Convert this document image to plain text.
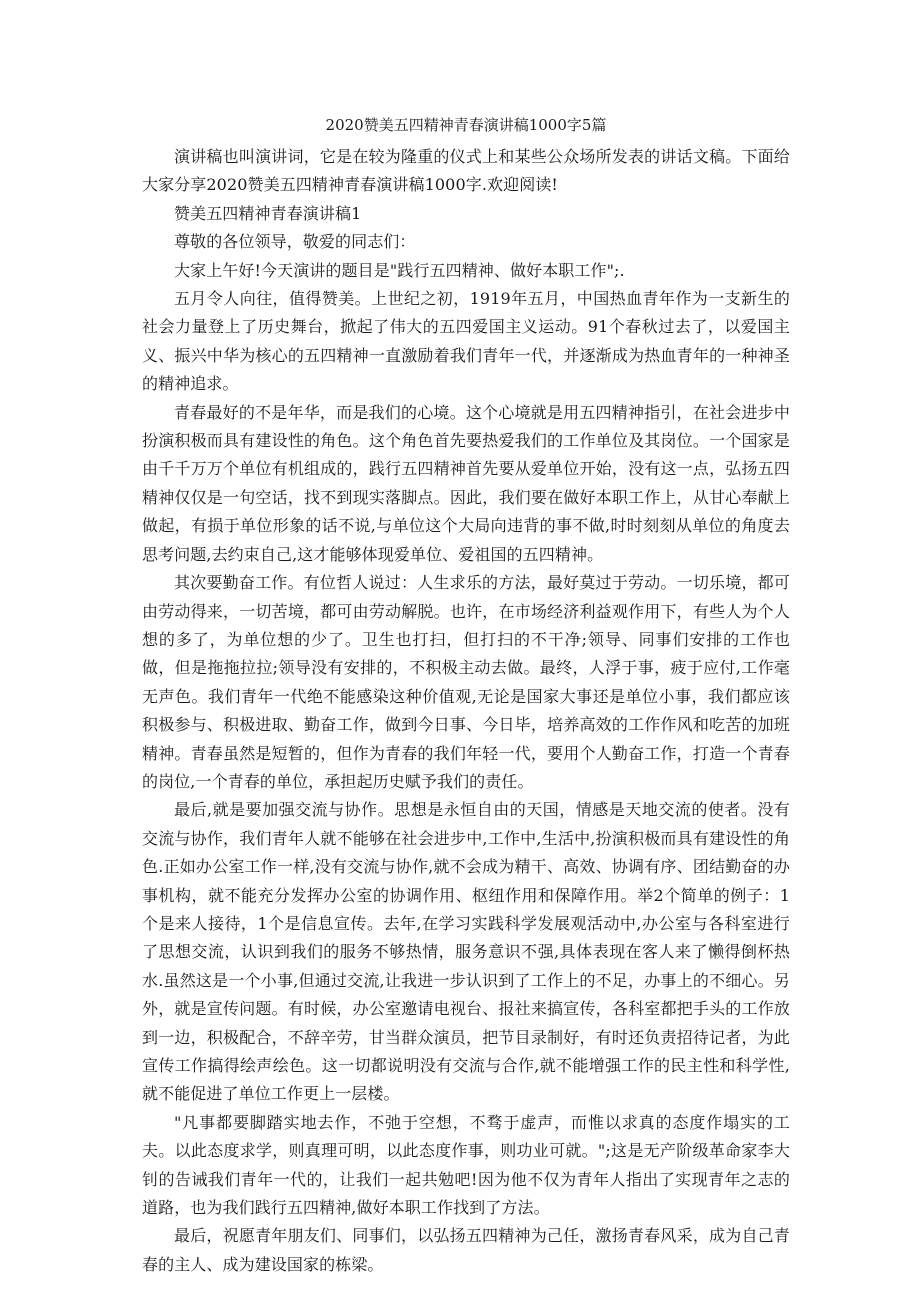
2020赞美五四精神青春演讲稿1000字5篇

演讲稿也叫演讲词，它是在较为隆重的仪式上和某些公众场所发表的讲话文稿。下面给大家分享2020赞美五四精神青春演讲稿1000字.欢迎阅读!

赞美五四精神青春演讲稿1

尊敬的各位领导，敬爱的同志们：

大家上午好!今天演讲的题目是"践行五四精神、做好本职工作";.

五月令人向往，值得赞美。上世纪之初，1919年五月，中国热血青年作为一支新生的社会力量登上了历史舞台，掀起了伟大的五四爱国主义运动。91个春秋过去了，以爱国主义、振兴中华为核心的五四精神一直激励着我们青年一代，并逐渐成为热血青年的一种神圣的精神追求。

青春最好的不是年华，而是我们的心境。这个心境就是用五四精神指引，在社会进步中扮演积极而具有建设性的角色。这个角色首先要热爱我们的工作单位及其岗位。一个国家是由千千万万个单位有机组成的，践行五四精神首先要从爱单位开始，没有这一点，弘扬五四精神仅仅是一句空话，找不到现实落脚点。因此，我们要在做好本职工作上，从甘心奉献上做起，有损于单位形象的话不说,与单位这个大局向违背的事不做,时时刻刻从单位的角度去思考问题,去约束自己,这才能够体现爱单位、爱祖国的五四精神。

其次要勤奋工作。有位哲人说过：人生求乐的方法，最好莫过于劳动。一切乐境，都可由劳动得来，一切苦境，都可由劳动解脱。也许，在市场经济利益观作用下，有些人为个人想的多了，为单位想的少了。卫生也打扫，但打扫的不干净;领导、同事们安排的工作也做，但是拖拖拉拉;领导没有安排的，不积极主动去做。最终，人浮于事，疲于应付,工作毫无声色。我们青年一代绝不能感染这种价值观,无论是国家大事还是单位小事，我们都应该积极参与、积极进取、勤奋工作，做到今日事、今日毕，培养高效的工作作风和吃苦的加班精神。青春虽然是短暂的，但作为青春的我们年轻一代，要用个人勤奋工作，打造一个青春的岗位,一个青春的单位，承担起历史赋予我们的责任。

最后,就是要加强交流与协作。思想是永恒自由的天国，情感是天地交流的使者。没有交流与协作，我们青年人就不能够在社会进步中,工作中,生活中,扮演积极而具有建设性的角色.正如办公室工作一样,没有交流与协作,就不会成为精干、高效、协调有序、团结勤奋的办事机构，就不能充分发挥办公室的协调作用、枢纽作用和保障作用。举2个简单的例子：1个是来人接待，1个是信息宣传。去年,在学习实践科学发展观活动中,办公室与各科室进行了思想交流，认识到我们的服务不够热情，服务意识不强,具体表现在客人来了懒得倒杯热水.虽然这是一个小事,但通过交流,让我进一步认识到了工作上的不足，办事上的不细心。另外，就是宣传问题。有时候，办公室邀请电视台、报社来搞宣传，各科室都把手头的工作放到一边，积极配合，不辞辛劳，甘当群众演员，把节目录制好，有时还负责招待记者，为此宣传工作搞得绘声绘色。这一切都说明没有交流与合作,就不能增强工作的民主性和科学性,就不能促进了单位工作更上一层楼。

"凡事都要脚踏实地去作，不弛于空想，不骛于虚声，而惟以求真的态度作塌实的工夫。以此态度求学，则真理可明，以此态度作事，则功业可就。";这是无产阶级革命家李大钊的告诫我们青年一代的，让我们一起共勉吧!因为他不仅为青年人指出了实现青年之志的道路，也为我们践行五四精神,做好本职工作找到了方法。

最后，祝愿青年朋友们、同事们，以弘扬五四精神为己任，激扬青春风采，成为自己青春的主人、成为建设国家的栋梁。
